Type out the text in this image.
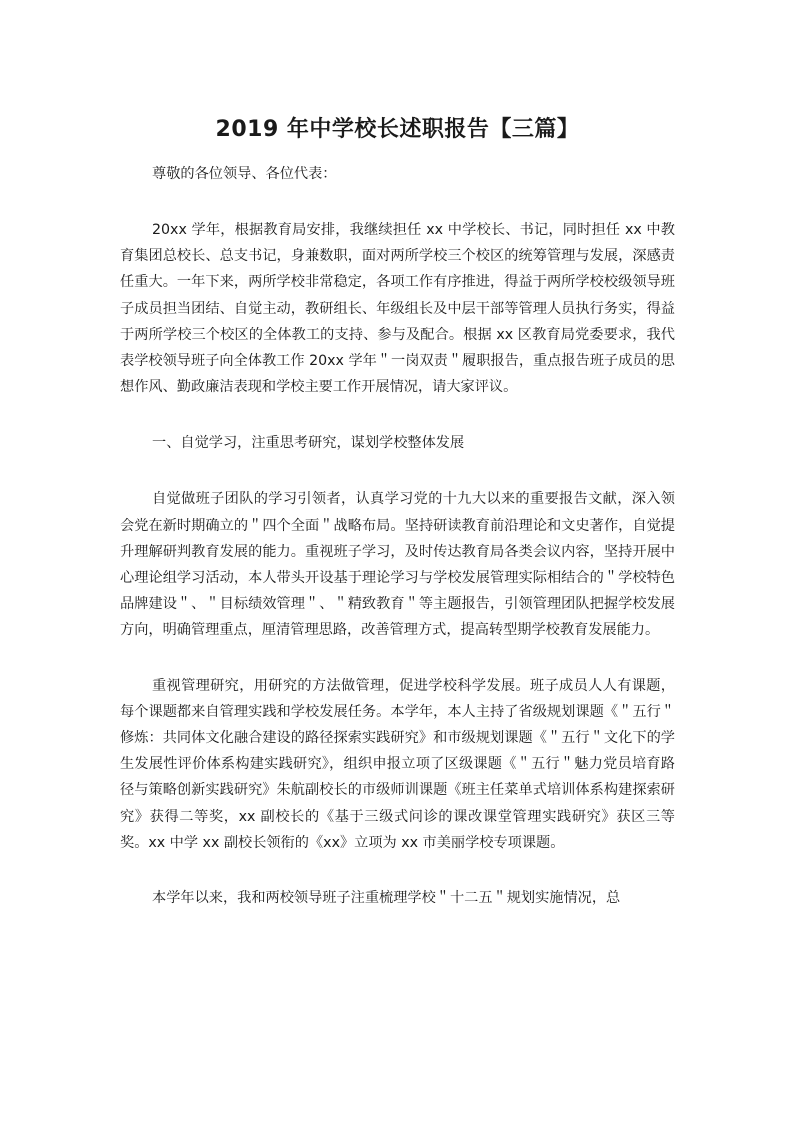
2019 年中学校长述职报告【三篇】

尊敬的各位领导、各位代表：

20xx 学年，根据教育局安排，我继续担任 xx 中学校长、书记，同时担任 xx 中教育集团总校长、总支书记，身兼数职，面对两所学校三个校区的统筹管理与发展，深感责任重大。一年下来，两所学校非常稳定，各项工作有序推进，得益于两所学校校级领导班子成员担当团结、自觉主动，教研组长、年级组长及中层干部等管理人员执行务实，得益于两所学校三个校区的全体教工的支持、参与及配合。根据 xx 区教育局党委要求，我代表学校领导班子向全体教工作 20xx 学年＂一岗双责＂履职报告，重点报告班子成员的思想作风、勤政廉洁表现和学校主要工作开展情况，请大家评议。

一、自觉学习，注重思考研究，谋划学校整体发展

自觉做班子团队的学习引领者，认真学习党的十九大以来的重要报告文献，深入领会党在新时期确立的＂四个全面＂战略布局。坚持研读教育前沿理论和文史著作，自觉提升理解研判教育发展的能力。重视班子学习，及时传达教育局各类会议内容，坚持开展中心理论组学习活动，本人带头开设基于理论学习与学校发展管理实际相结合的＂学校特色品牌建设＂、＂目标绩效管理＂、＂精致教育＂等主题报告，引领管理团队把握学校发展方向，明确管理重点，厘清管理思路，改善管理方式，提高转型期学校教育发展能力。

重视管理研究，用研究的方法做管理，促进学校科学发展。班子成员人人有课题，每个课题都来自管理实践和学校发展任务。本学年，本人主持了省级规划课题《＂五行＂修炼：共同体文化融合建设的路径探索实践研究》和市级规划课题《＂五行＂文化下的学生发展性评价体系构建实践研究》，组织申报立项了区级课题《＂五行＂魅力党员培育路径与策略创新实践研究》朱航副校长的市级师训课题《班主任菜单式培训体系构建探索研究》获得二等奖，xx 副校长的《基于三级式问诊的课改课堂管理实践研究》获区三等奖。xx 中学 xx 副校长领衔的《xx》立项为 xx 市美丽学校专项课题。

本学年以来，我和两校领导班子注重梳理学校＂十二五＂规划实施情况，总
